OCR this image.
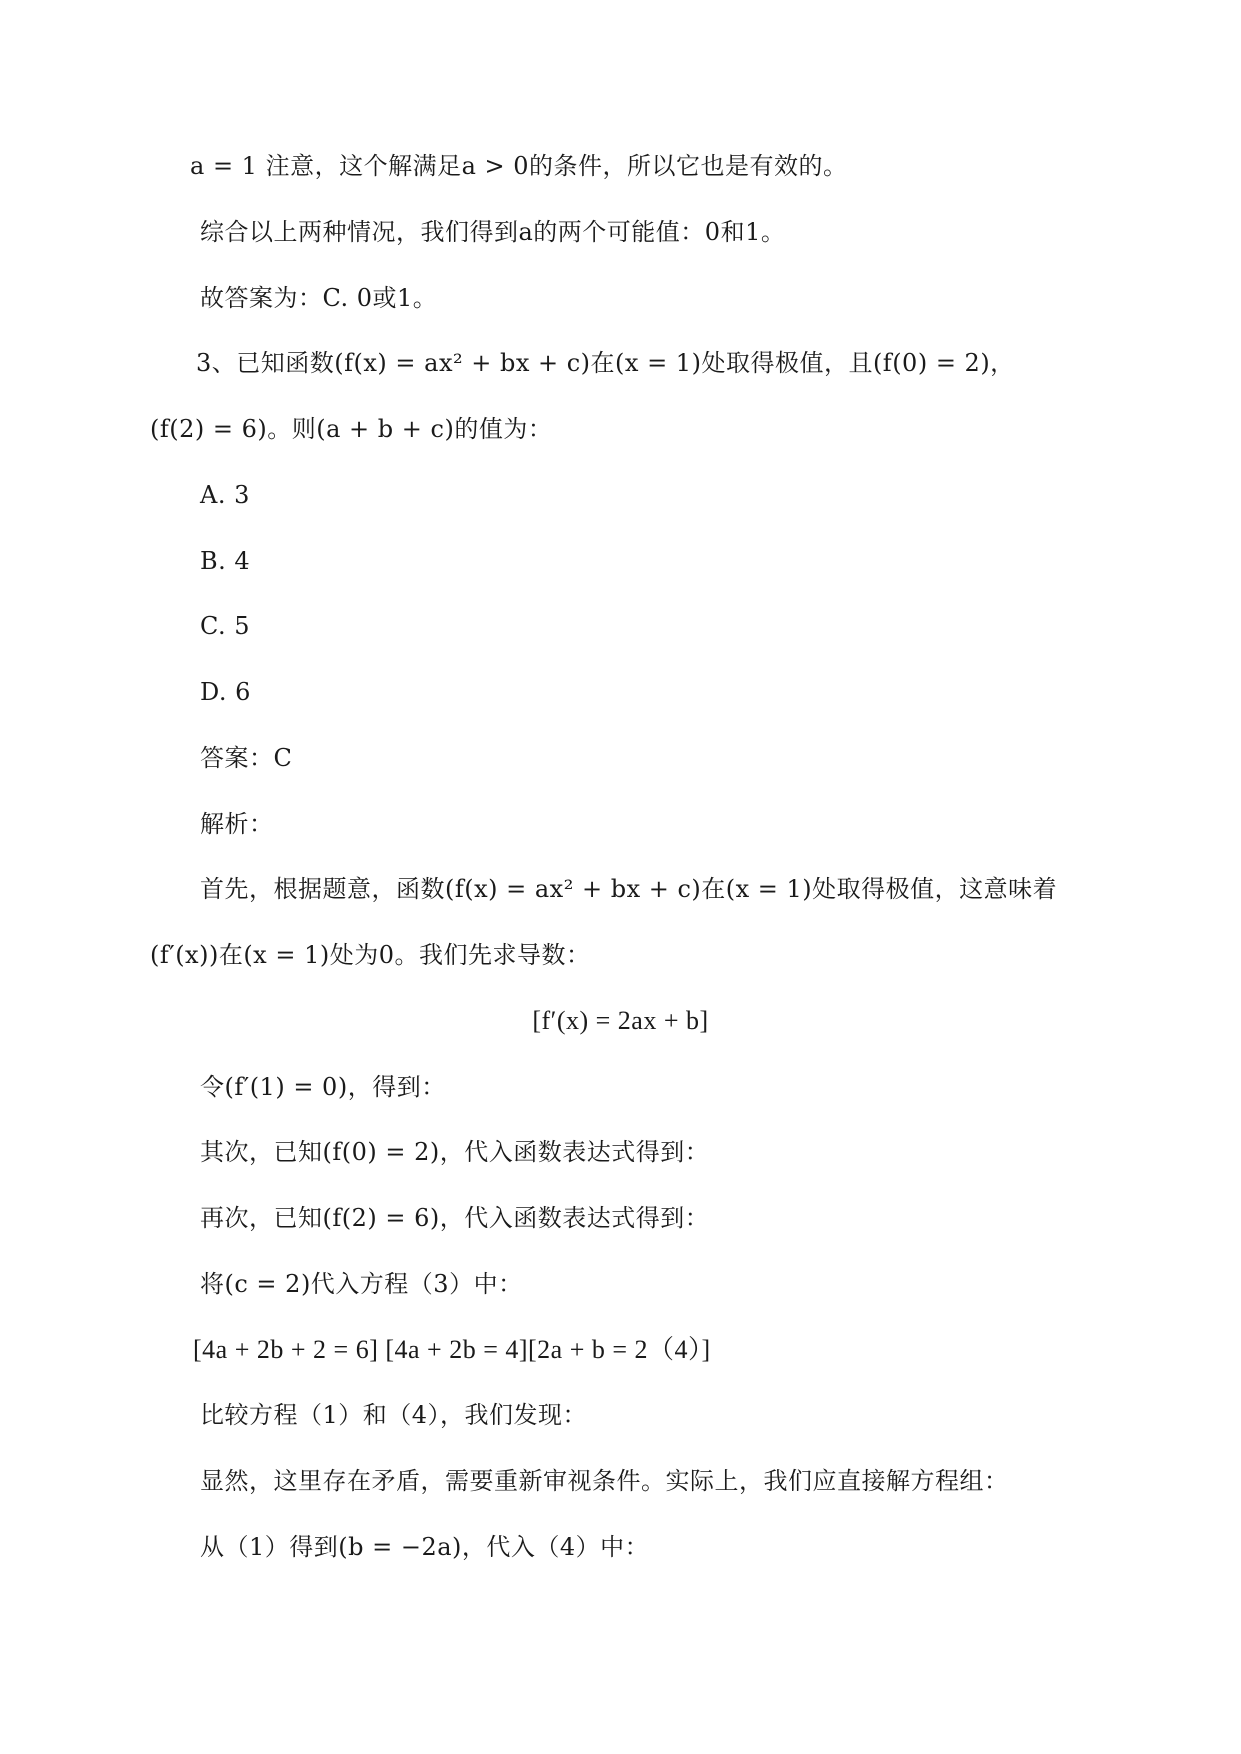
a = 1 注意，这个解满足a > 0的条件，所以它也是有效的。
综合以上两种情况，我们得到a的两个可能值：0和1。
故答案为：C. 0或1。
3、已知函数(f(x) = ax² + bx + c)在(x = 1)处取得极值，且(f(0) = 2)，
(f(2) = 6)。则(a + b + c)的值为：
A. 3
B. 4
C. 5
D. 6
答案：C
解析：
首先，根据题意，函数(f(x) = ax² + bx + c)在(x = 1)处取得极值，这意味着
(f′(x))在(x = 1)处为0。我们先求导数：
[f′(x) = 2ax + b]
令(f′(1) = 0)，得到：
其次，已知(f(0) = 2)，代入函数表达式得到：
再次，已知(f(2) = 6)，代入函数表达式得到：
将(c = 2)代入方程（3）中：
[4a + 2b + 2 = 6] [4a + 2b = 4][2a + b = 2（4）]
比较方程（1）和（4），我们发现：
显然，这里存在矛盾，需要重新审视条件。实际上，我们应直接解方程组：
从（1）得到(b = −2a)，代入（4）中：
